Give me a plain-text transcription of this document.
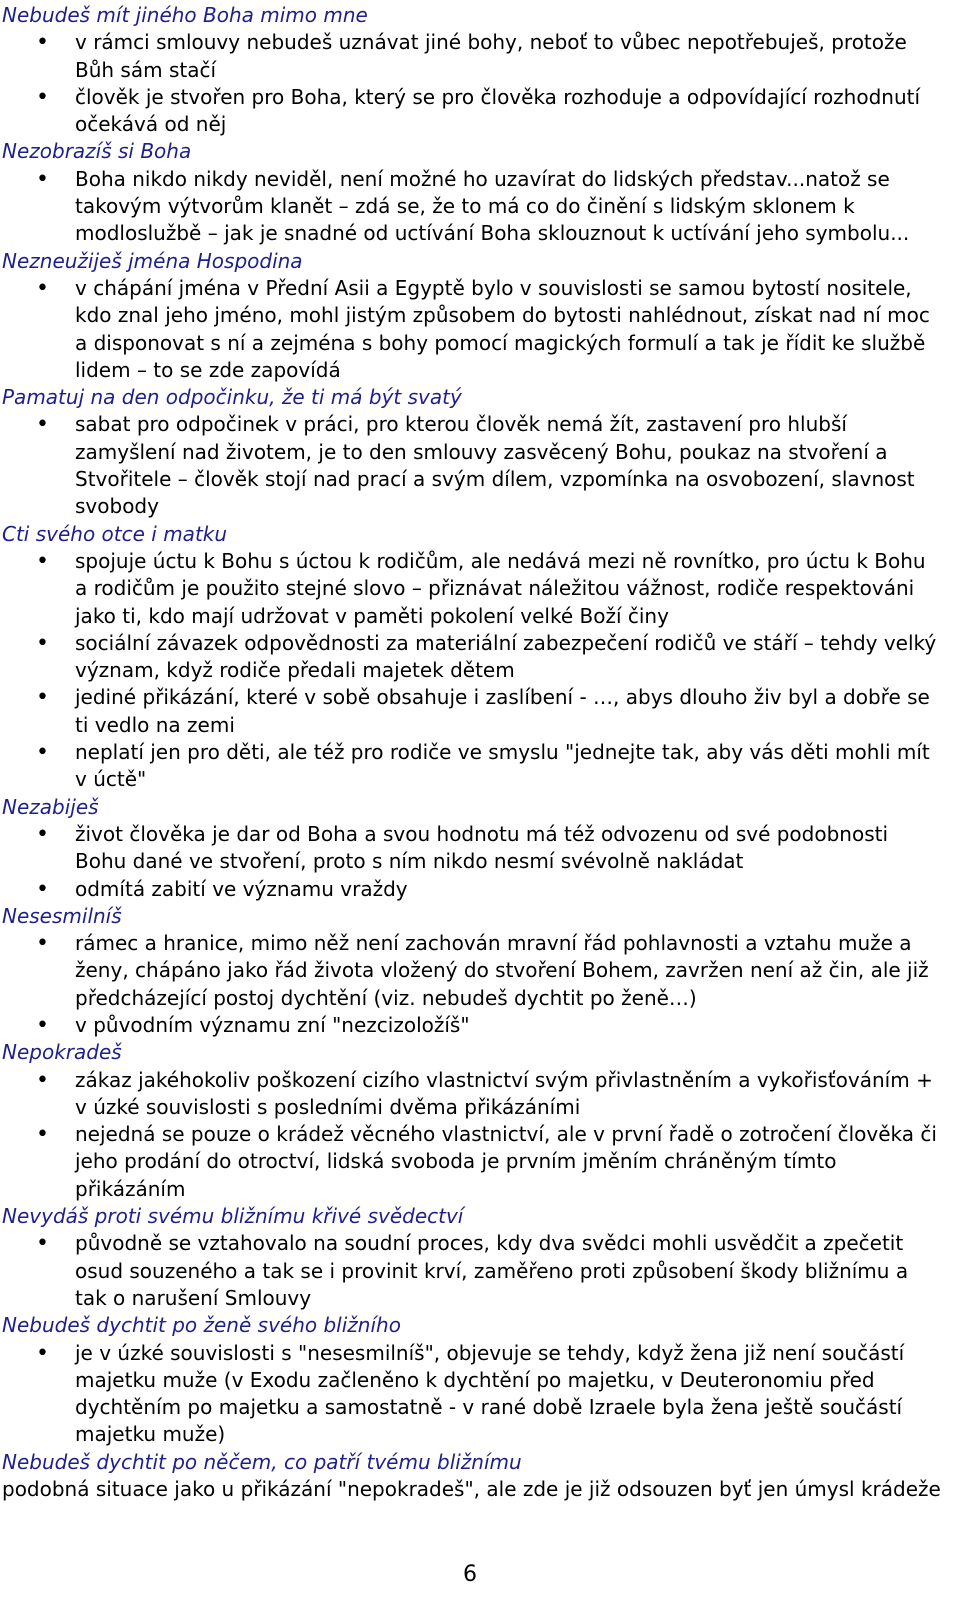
Nebudeš mít jiného Boha mimo mne
• v rámci smlouvy nebudeš uznávat jiné bohy, neboť to vůbec nepotřebuješ, protože Bůh sám stačí
• člověk je stvořen pro Boha, který se pro člověka rozhoduje a odpovídající rozhodnutí očekává od něj
Nezobrazíš si Boha
• Boha nikdo nikdy neviděl, není možné ho uzavírat do lidských představ...natož se takovým výtvorům klanět – zdá se, že to má co do činění s lidským sklonem k modloslužbě – jak je snadné od uctívání Boha sklouznout k uctívání jeho symbolu...
Nezneužiješ jména Hospodina
• v chápání jména v Přední Asii a Egyptě bylo v souvislosti se samou bytostí nositele, kdo znal jeho jméno, mohl jistým způsobem do bytosti nahlédnout, získat nad ní moc a disponovat s ní a zejména s bohy pomocí magických formulí a tak je řídit ke službě lidem – to se zde zapovídá
Pamatuj na den odpočinku, že ti má být svatý
• sabat pro odpočinek v práci, pro kterou člověk nemá žít, zastavení pro hlubší zamyšlení nad životem, je to den smlouvy zasvěcený Bohu, poukaz na stvoření a Stvořitele – člověk stojí nad prací a svým dílem, vzpomínka na osvobození, slavnost svobody
Cti svého otce i matku
• spojuje úctu k Bohu s úctou k rodičům, ale nedává mezi ně rovnítko, pro úctu k Bohu a rodičům je použito stejné slovo – přiznávat náležitou vážnost, rodiče respektováni jako ti, kdo mají udržovat v paměti pokolení velké Boží činy
• sociální závazek odpovědnosti za materiální zabezpečení rodičů ve stáří – tehdy velký význam, když rodiče předali majetek dětem
• jediné přikázání, které v sobě obsahuje i zaslíbení - …, abys dlouho živ byl a dobře se ti vedlo na zemi
• neplatí jen pro děti, ale též pro rodiče ve smyslu "jednejte tak, aby vás děti mohli mít v úctě"
Nezabiješ
• život člověka je dar od Boha a svou hodnotu má též odvozenu od své podobnosti Bohu dané ve stvoření, proto s ním nikdo nesmí svévolně nakládat
• odmítá zabití ve významu vraždy
Nesesmilníš
• rámec a hranice, mimo něž není zachován mravní řád pohlavnosti a vztahu muže a ženy, chápáno jako řád života vložený do stvoření Bohem, zavržen není až čin, ale již předcházející postoj dychtění (viz. nebudeš dychtit po ženě…)
• v původním významu zní "nezcizoložíš"
Nepokradeš
• zákaz jakéhokoliv poškození cizího vlastnictví svým přivlastněním a vykořisťováním + v úzké souvislosti s posledními dvěma přikázáními
• nejedná se pouze o krádež věcného vlastnictví, ale v první řadě o zotročení člověka či jeho prodání do otroctví, lidská svoboda je prvním jměním chráněným tímto přikázáním
Nevydáš proti svému bližnímu křivé svědectví
• původně se vztahovalo na soudní proces, kdy dva svědci mohli usvědčit a zpečetit osud souzeného a tak se i provinit krví, zaměřeno proti způsobení škody bližnímu a tak o narušení Smlouvy
Nebudeš dychtit po ženě svého bližního
• je v úzké souvislosti s "nesesmilníš", objevuje se tehdy, když žena již není součástí majetku muže (v Exodu začleněno k dychtění po majetku, v Deuteronomiu před dychtěním po majetku a samostatně - v rané době Izraele byla žena ještě součástí majetku muže)
Nebudeš dychtit po něčem, co patří tvému bližnímu
podobná situace jako u přikázání "nepokradeš", ale zde je již odsouzen byť jen úmysl krádeže
6
